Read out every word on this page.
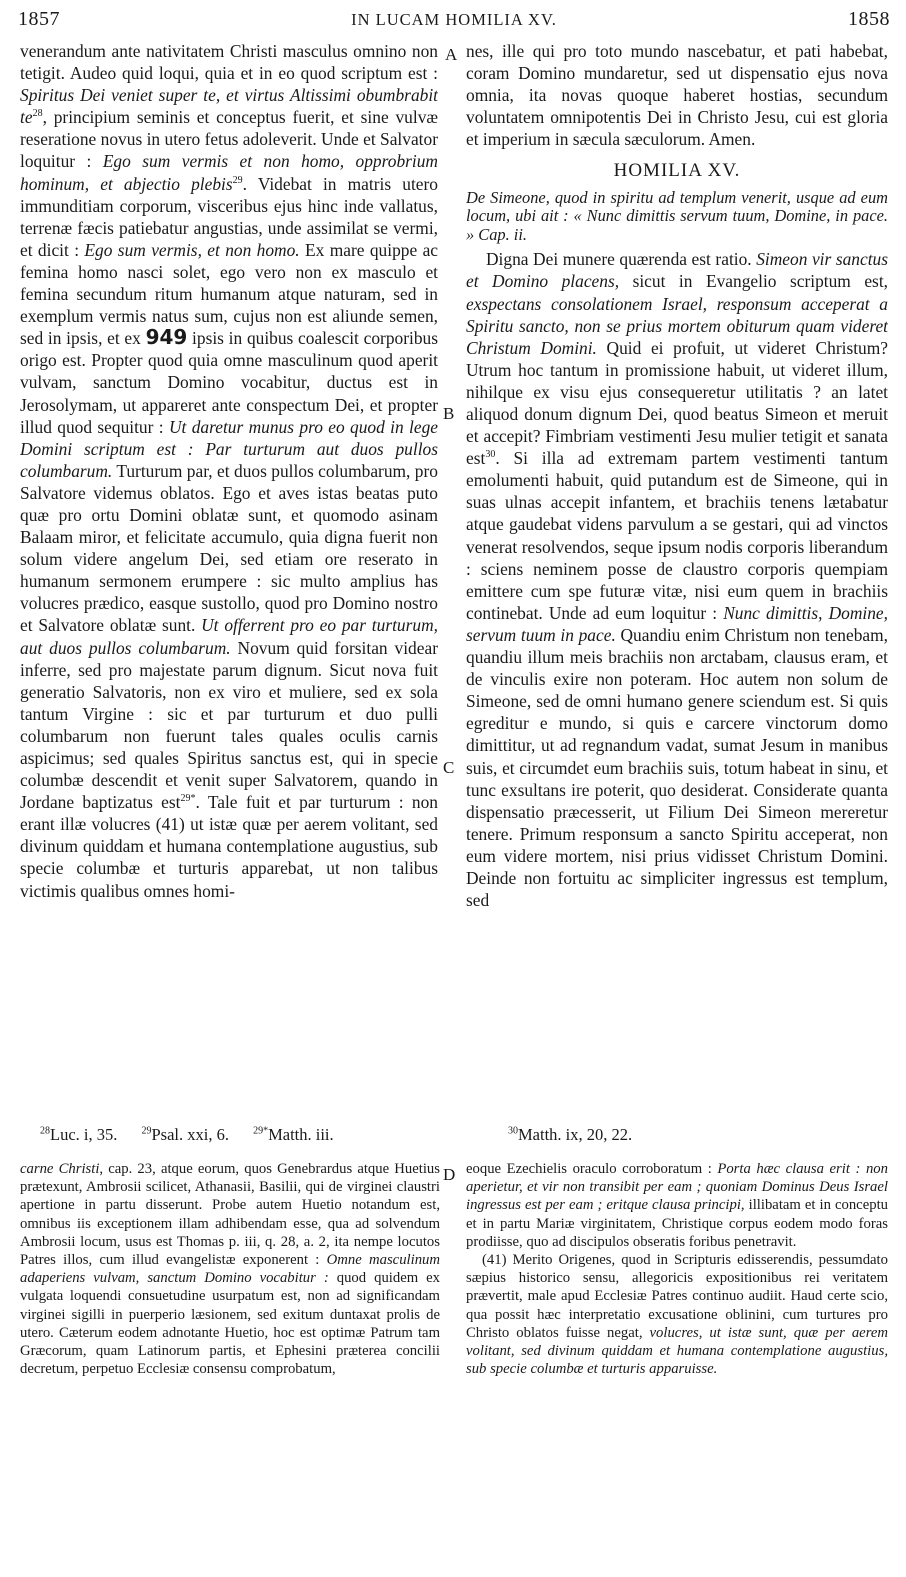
1857	IN LUCAM HOMILIA XV.	1858
A
B
C
D

venerandum ante nativitatem Christi masculus omnino non tetigit. Audeo quid loqui, quia et in eo quod scriptum est : Spiritus Dei veniet super te, et virtus Altissimi obumbrabit $te^{28}$, principium seminis et conceptus fuerit, et sine vulvæ reseratione novus in utero fetus adoleverit. Unde et Salvator loquitur : Ego sum vermis et non homo, opprobrium hominum, et abjectio plebis$^{29}$. Videbat in matris utero immunditiam corporum, visceribus ejus hinc inde vallatus, terrenæ fæcis patiebatur angustias, unde assimilat se vermi, et dicit : Ego sum vermis, et non homo. Ex mare quippe ac femina homo nasci solet, ego vero non ex masculo et femina secundum ritum humanum atque naturam, sed in exemplum vermis natus sum, cujus non est aliunde semen, sed in ipsis, et ex 949 ipsis in quibus coalescit corporibus origo est. Propter quod quia omne masculinum quod aperit vulvam, sanctum Domino vocabitur, ductus est in Jerosolymam, ut appareret ante conspectum Dei, et propter illud quod sequitur : Ut daretur munus pro eo quod in lege Domini scriptum est : Par turturum aut duos pullos columbarum. Turturum par, et duos pullos columbarum, pro Salvatore videmus oblatos. Ego et aves istas beatas puto quæ pro ortu Domini oblatæ sunt, et quomodo asinam Balaam miror, et felicitate accumulo, quia digna fuerit non solum videre angelum Dei, sed etiam ore reserato in humanum sermonem erumpere : sic multo amplius has volucres prædico, easque sustollo, quod pro Domino nostro et Salvatore oblatæ sunt. Ut offerrent pro eo par turturum, aut duos pullos columbarum. Novum quid forsitan videar inferre, sed pro majestate parum dignum. Sicut nova fuit generatio Salvatoris, non ex viro et muliere, sed ex sola tantum Virgine : sic et par turturum et duo pulli columbarum non fuerunt tales quales oculis carnis aspicimus; sed quales Spiritus sanctus est, qui in specie columbæ descendit et venit super Salvatorem, quando in Jordane baptizatus est$^{29*}$. Tale fuit et par turturum : non erant illæ volucres (41) ut istæ quæ per aerem volitant, sed divinum quiddam et humana contemplatione augustius, sub specie columbæ et turturis apparebat, ut non talibus victimis qualibus omnes homi-

nes, ille qui pro toto mundo nascebatur, et pati habebat, coram Domino mundaretur, sed ut dispensatio ejus nova omnia, ita novas quoque haberet hostias, secundum voluntatem omnipotentis Dei in Christo Jesu, cui est gloria et imperium in sæcula sæculorum. Amen.

HOMILIA XV.
De Simeone, quod in spiritu ad templum venerit, usque ad eum locum, ubi ait : « Nunc dimittis servum tuum, Domine, in pace. » Cap. ii.

Digna Dei munere quærenda est ratio. Simeon vir sanctus et Domino placens, sicut in Evangelio scriptum est, exspectans consolationem Israel, responsum acceperat a Spiritu sancto, non se prius mortem obiturum quam videret Christum Domini. Quid ei profuit, ut videret Christum? Utrum hoc tantum in promissione habuit, ut videret illum, nihilque ex visu ejus consequeretur utilitatis ? an latet aliquod donum dignum Dei, quod beatus Simeon et meruit et accepit? Fimbriam vestimenti Jesu mulier tetigit et sanata est$^{30}$. Si illa ad extremam partem vestimenti tantum emolumenti habuit, quid putandum est de Simeone, qui in suas ulnas accepit infantem, et brachiis tenens lætabatur atque gaudebat videns parvulum a se gestari, qui ad vinctos venerat resolvendos, seque ipsum nodis corporis liberandum : sciens neminem posse de claustro corporis quempiam emittere cum spe futuræ vitæ, nisi eum quem in brachiis continebat. Unde ad eum loquitur : Nunc dimittis, Domine, servum tuum in pace. Quandiu enim Christum non tenebam, quandiu illum meis brachiis non arctabam, clausus eram, et de vinculis exire non poteram. Hoc autem non solum de Simeone, sed de omni humano genere sciendum est. Si quis egreditur e mundo, si quis e carcere vinctorum domo dimittitur, ut ad regnandum vadat, sumat Jesum in manibus suis, et circumdet eum brachiis suis, totum habeat in sinu, et tunc exsultans ire poterit, quo desiderat. Considerate quanta dispensatio præcesserit, ut Filium Dei Simeon mereretur tenere. Primum responsum a sancto Spiritu acceperat, non eum videre mortem, nisi prius vidisset Christum Domini. Deinde non fortuitu ac simpliciter ingressus est templum, sed

$^{28}$Luc. i, 35. $^{29}$Psal. xxi, 6. $^{29*}$Matth. iii.	$^{30}$Matth. ix, 20, 22.

carne Christi, cap. 23, atque eorum, quos Genebrardus atque Huetius prætexunt, Ambrosii scilicet, Athanasii, Basilii, qui de virginei claustri apertione in partu disserunt. Probe autem Huetio notandum est, omnibus iis exceptionem illam adhibendam esse, qua ad solvendum Ambrosii locum, usus est Thomas p. iii, q. 28, a. 2, ita nempe locutos Patres illos, cum illud evangelistæ exponerent : Omne masculinum adaperiens vulvam, sanctum Domino vocabitur : quod quidem ex vulgata loquendi consuetudine usurpatum est, non ad significandam virginei sigilli in puerperio læsionem, sed exitum duntaxat prolis de utero. Cæterum eodem adnotante Huetio, hoc est optimæ Patrum tam Græcorum, quam Latinorum partis, et Ephesini præterea concilii decretum, perpetuo Ecclesiæ consensu comprobatum,

eoque Ezechielis oraculo corroboratum : Porta hæc clausa erit : non aperietur, et vir non transibit per eam ; quoniam Dominus Deus Israel ingressus est per eam ; eritque clausa principi, illibatam et in conceptu et in partu Mariæ virginitatem, Christique corpus eodem modo foras prodiisse, quo ad discipulos obseratis foribus penetravit.

(41) Merito Origenes, quod in Scripturis edisserendis, pessumdato sæpius historico sensu, allegoricis expositionibus rei veritatem prævertit, male apud Ecclesiæ Patres continuo audiit. Haud certe scio, qua possit hæc interpretatio excusatione oblinini, cum turtures pro Christo oblatos fuisse negat, volucres, ut istæ sunt, quæ per aerem volitant, sed divinum quiddam et humana contemplatione augustius, sub specie columbæ et turturis apparuisse.
